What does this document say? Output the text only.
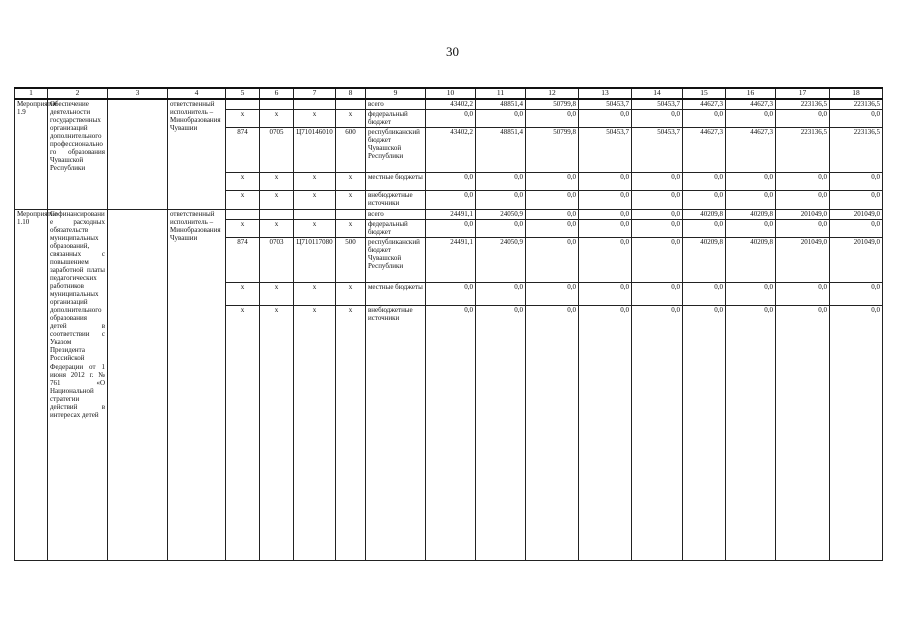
30
1	2	3	4	5	6	7	8	9	10	11	12	13	14	15	16	17	18
Мероприятие 1.9	Обеспечение деятельности государственных организаций дополнительного профессионального образования Чувашской Республики		ответственный исполнитель – Минобразования Чувашии					всего	43402,2	48851,4	50799,8	50453,7	50453,7	44627,3	44627,3	223136,5	223136,5
				x	x	x	x	федеральный бюджет	0,0	0,0	0,0	0,0	0,0	0,0	0,0	0,0	0,0
				874	0705	Ц710146010	600	республиканский бюджет Чувашской Республики	43402,2	48851,4	50799,8	50453,7	50453,7	44627,3	44627,3	223136,5	223136,5
				x	x	x	x	местные бюджеты	0,0	0,0	0,0	0,0	0,0	0,0	0,0	0,0	0,0
				x	x	x	x	внебюджетные источники	0,0	0,0	0,0	0,0	0,0	0,0	0,0	0,0	0,0
Мероприятие 1.10	Софинансирование расходных обязательств муниципальных образований, связанных с повышением заработной платы педагогических работников муниципальных организаций дополнительного образования детей в соответствии с Указом Президента Российской Федерации от 1 июня 2012 г. № 761 «О Национальной стратегии действий в интересах детей		ответственный исполнитель – Минобразования Чувашии					всего	24491,1	24050,9	0,0	0,0	0,0	40209,8	40209,8	201049,0	201049,0
				x	x	x	x	федеральный бюджет	0,0	0,0	0,0	0,0	0,0	0,0	0,0	0,0	0,0
				874	0703	Ц710117080	500	республиканский бюджет Чувашской Республики	24491,1	24050,9	0,0	0,0	0,0	40209,8	40209,8	201049,0	201049,0
				x	x	x	x	местные бюджеты	0,0	0,0	0,0	0,0	0,0	0,0	0,0	0,0	0,0
				x	x	x	x	внебюджетные источники	0,0	0,0	0,0	0,0	0,0	0,0	0,0	0,0	0,0
